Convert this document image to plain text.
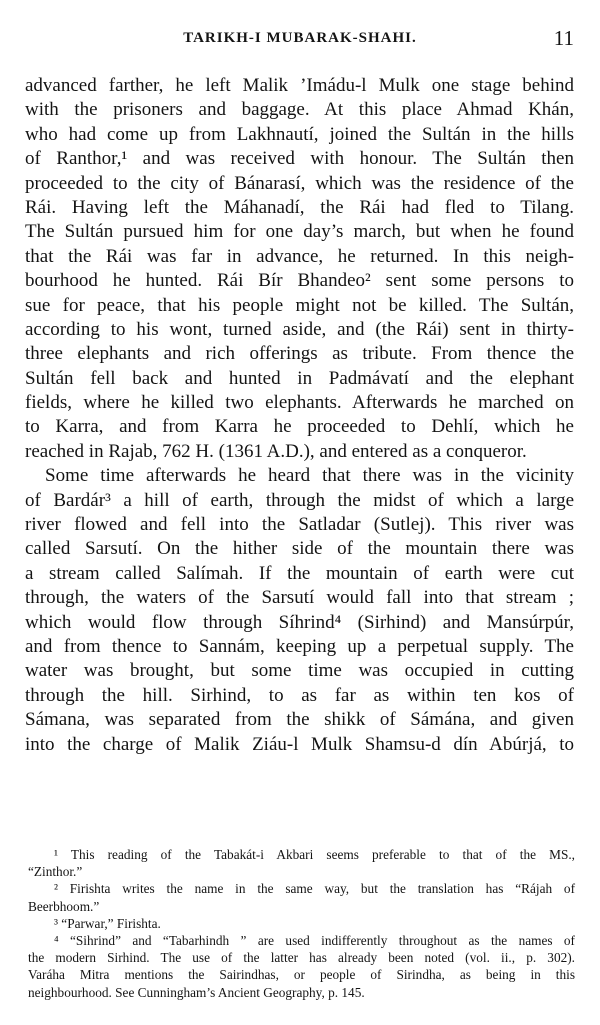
TARIKH-I MUBARAK-SHAHI.	11
advanced farther, he left Malik ’Imádu-l Mulk one stage behind
with the prisoners and baggage. At this place Ahmad Khán,
who had come up from Lakhnautí, joined the Sultán in the hills
of Ranthor,¹ and was received with honour. The Sultán then
proceeded to the city of Bánarasí, which was the residence of the
Rái. Having left the Máhanadí, the Rái had fled to Tilang.
The Sultán pursued him for one day’s march, but when he found
that the Rái was far in advance, he returned. In this neigh-
bourhood he hunted. Rái Bír Bhandeo² sent some persons to
sue for peace, that his people might not be killed. The Sultán,
according to his wont, turned aside, and (the Rái) sent in thirty-
three elephants and rich offerings as tribute. From thence the
Sultán fell back and hunted in Padmávatí and the elephant
fields, where he killed two elephants. Afterwards he marched on
to Karra, and from Karra he proceeded to Dehlí, which he
reached in Rajab, 762 H. (1361 A.D.), and entered as a conqueror.
Some time afterwards he heard that there was in the vicinity
of Bardár³ a hill of earth, through the midst of which a large
river flowed and fell into the Satladar (Sutlej). This river was
called Sarsutí. On the hither side of the mountain there was
a stream called Salímah. If the mountain of earth were cut
through, the waters of the Sarsutí would fall into that stream ;
which would flow through Síhrind⁴ (Sirhind) and Mansúrpúr,
and from thence to Sannám, keeping up a perpetual supply. The
water was brought, but some time was occupied in cutting
through the hill. Sirhind, to as far as within ten kos of
Sámana, was separated from the shikk of Sámána, and given
into the charge of Malik Ziáu-l Mulk Shamsu-d dín Abúrjá, to
¹ This reading of the Tabakát-i Akbari seems preferable to that of the MS.,
“Zinthor.”
² Firishta writes the name in the same way, but the translation has “Rájah of
Beerbhoom.”
³ “Parwar,” Firishta.
⁴ “Sihrind” and “Tabarhindh ” are used indifferently throughout as the names of
the modern Sirhind. The use of the latter has already been noted (vol. ii., p. 302).
Varáha Mitra mentions the Sairindhas, or people of Sirindha, as being in this
neighbourhood. See Cunningham’s Ancient Geography, p. 145.
